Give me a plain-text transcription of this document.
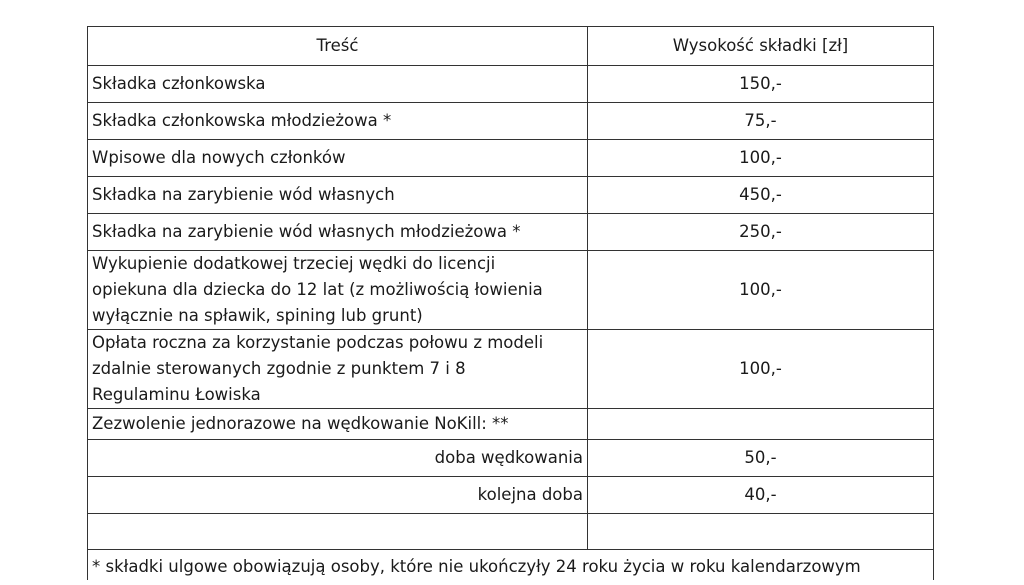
Treść	Wysokość składki [zł]
Składka członkowska	150,-
Składka członkowska młodzieżowa *	75,-
Wpisowe dla nowych członków	100,-
Składka na zarybienie wód własnych	450,-
Składka na zarybienie wód własnych młodzieżowa *	250,-
Wykupienie dodatkowej trzeciej wędki do licencji
opiekuna dla dziecka do 12 lat (z możliwością łowienia
wyłącznie na spławik, spining lub grunt)	100,-
Opłata roczna za korzystanie podczas połowu z modeli
zdalnie sterowanych zgodnie z punktem 7 i 8
Regulaminu Łowiska	100,-
Zezwolenie jednorazowe na wędkowanie NoKill: **	
doba wędkowania	50,-
kolejna doba	40,-

* składki ulgowe obowiązują osoby, które nie ukończyły 24 roku życia w roku kalendarzowym	
